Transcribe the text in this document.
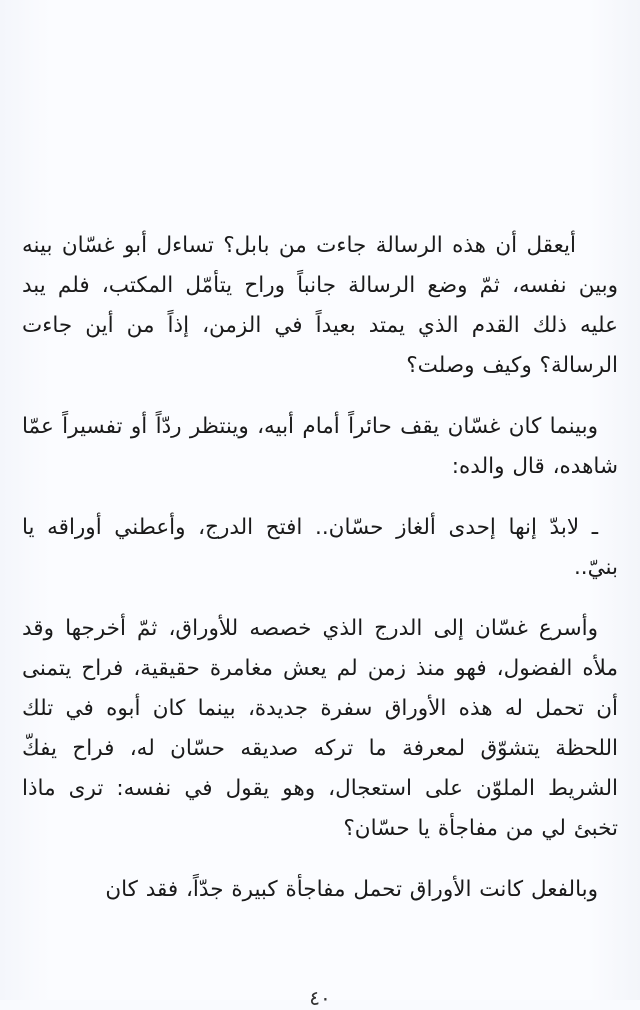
أيعقل أن هذه الرسالة جاءت من بابل؟ تساءل أبو غسّان بينه وبين نفسه، ثمّ وضع الرسالة جانباً وراح يتأمّل المكتب، فلم يبد عليه ذلك القدم الذي يمتد بعيداً في الزمن، إذاً من أين جاءت الرسالة؟ وكيف وصلت؟

وبينما كان غسّان يقف حائراً أمام أبيه، وينتظر ردّاً أو تفسيراً عمّا شاهده، قال والده:

ـ لابدّ إنها إحدى ألغاز حسّان.. افتح الدرج، وأعطني أوراقه يا بنيّ..

وأسرع غسّان إلى الدرج الذي خصصه للأوراق، ثمّ أخرجها وقد ملأه الفضول، فهو منذ زمن لم يعش مغامرة حقيقية، فراح يتمنى أن تحمل له هذه الأوراق سفرة جديدة، بينما كان أبوه في تلك اللحظة يتشوّق لمعرفة ما تركه صديقه حسّان له، فراح يفكّ الشريط الملوّن على استعجال، وهو يقول في نفسه: ترى ماذا تخبئ لي من مفاجأة يا حسّان؟

وبالفعل كانت الأوراق تحمل مفاجأة كبيرة جدّاً، فقد كان

٤٠
